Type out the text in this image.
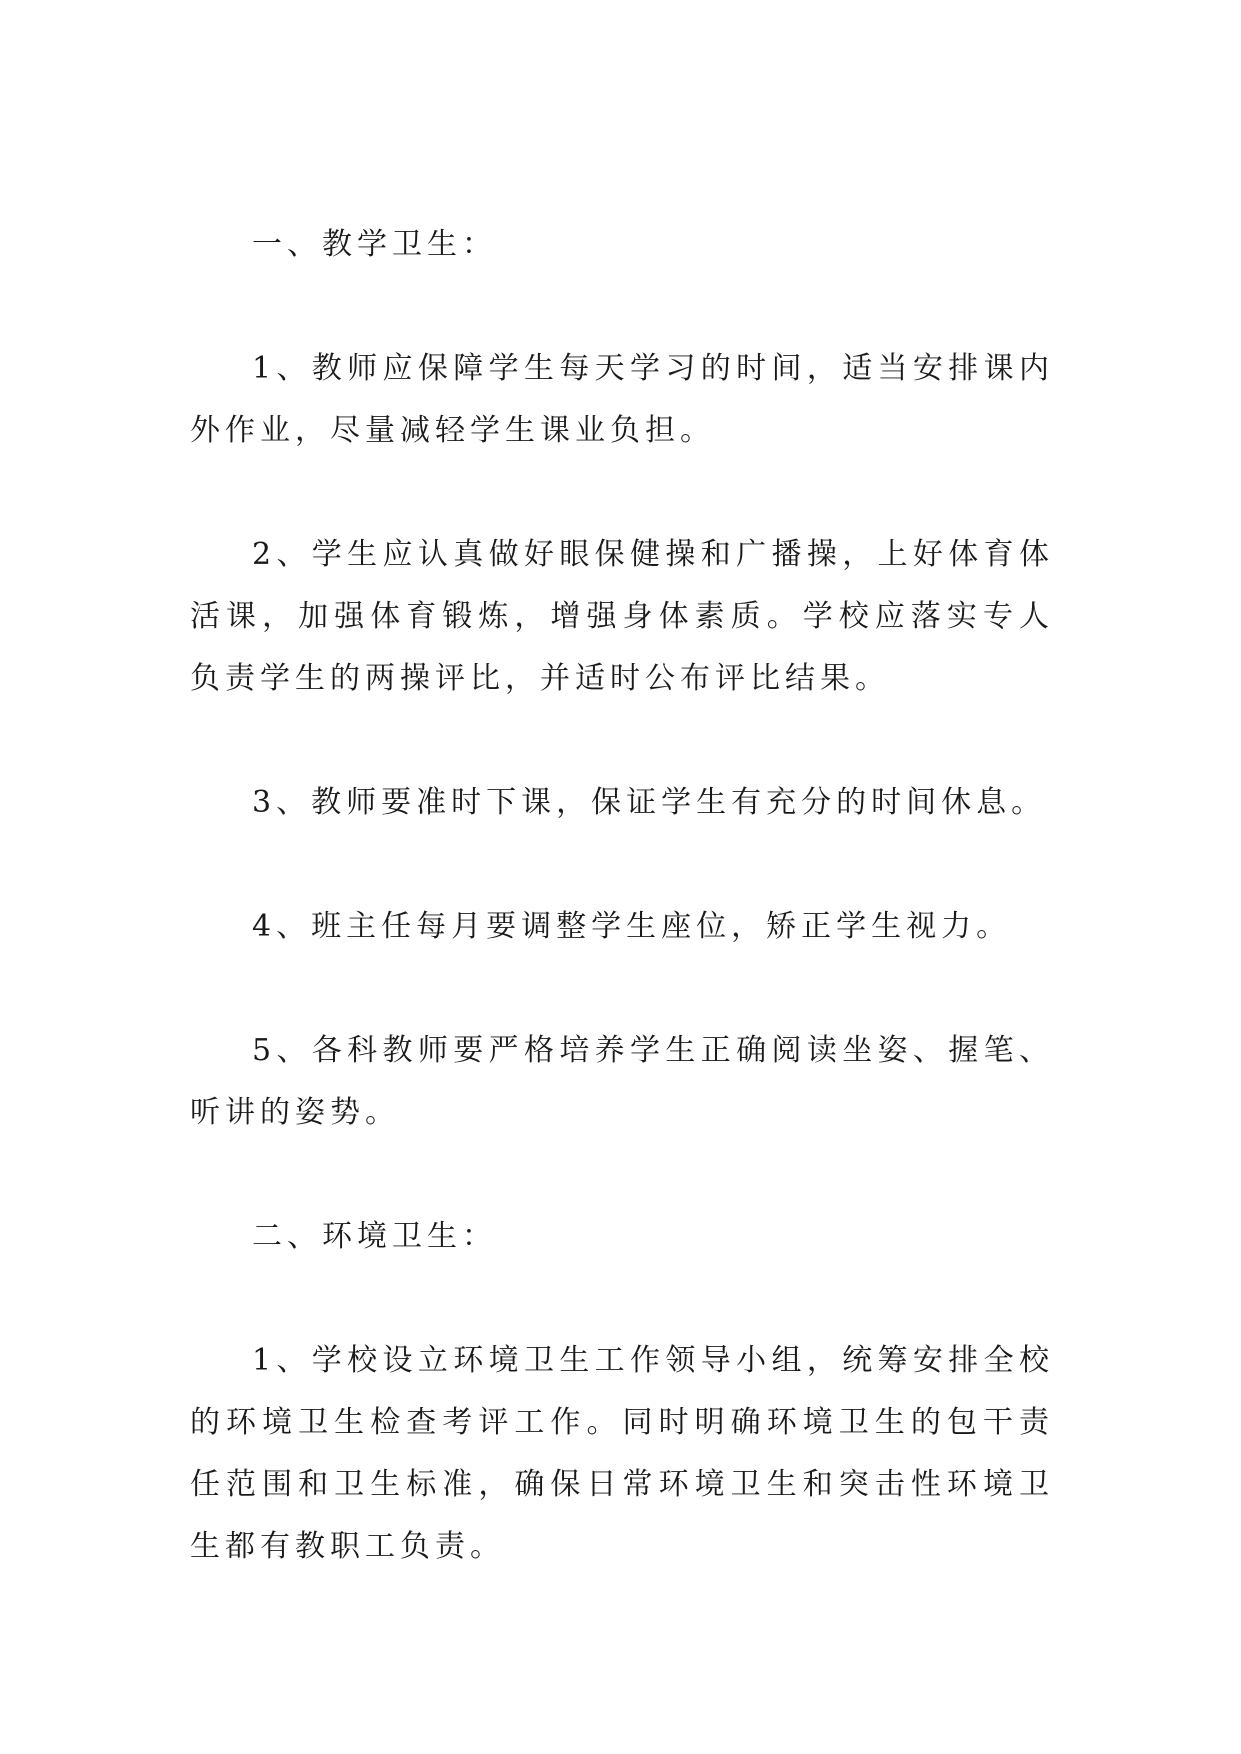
一、教学卫生：

1、教师应保障学生每天学习的时间，适当安排课内外作业，尽量减轻学生课业负担。

2、学生应认真做好眼保健操和广播操，上好体育体活课，加强体育锻炼，增强身体素质。学校应落实专人负责学生的两操评比，并适时公布评比结果。

3、教师要准时下课，保证学生有充分的时间休息。

4、班主任每月要调整学生座位，矫正学生视力。

5、各科教师要严格培养学生正确阅读坐姿、握笔、听讲的姿势。

二、环境卫生：

1、学校设立环境卫生工作领导小组，统筹安排全校的环境卫生检查考评工作。同时明确环境卫生的包干责任范围和卫生标准，确保日常环境卫生和突击性环境卫生都有教职工负责。
